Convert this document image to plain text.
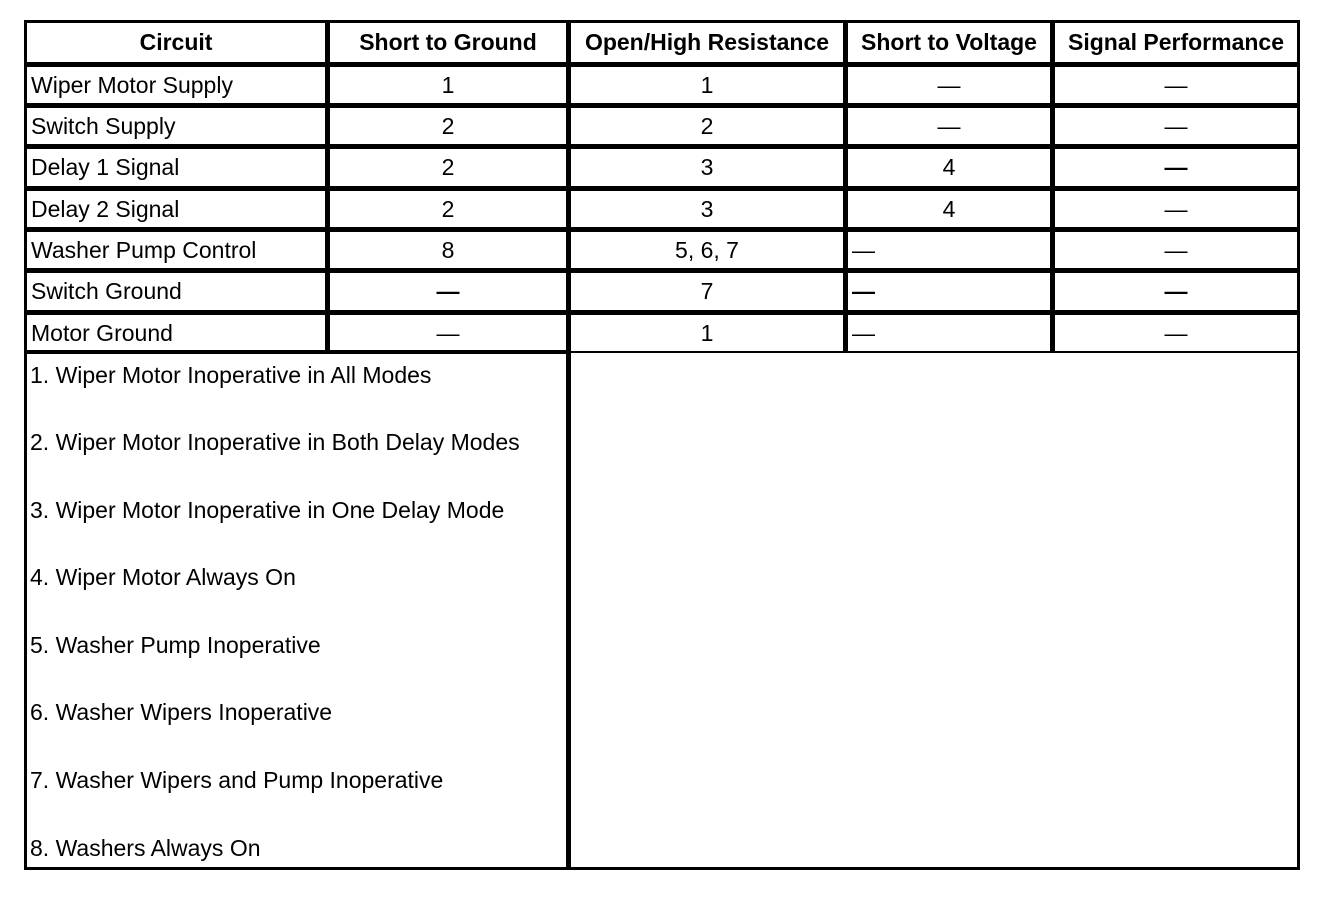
Circuit	Short to Ground	Open/High Resistance	Short to Voltage	Signal Performance
Wiper Motor Supply	1	1	—	—
Switch Supply	2	2	—	—
Delay 1 Signal	2	3	4	—
Delay 2 Signal	2	3	4	—
Washer Pump Control	8	5, 6, 7	—	—
Switch Ground	—	7	—	—
Motor Ground	—	1	—	—
1. Wiper Motor Inoperative in All Modes
2. Wiper Motor Inoperative in Both Delay Modes
3. Wiper Motor Inoperative in One Delay Mode
4. Wiper Motor Always On
5. Washer Pump Inoperative
6. Washer Wipers Inoperative
7. Washer Wipers and Pump Inoperative
8. Washers Always On
